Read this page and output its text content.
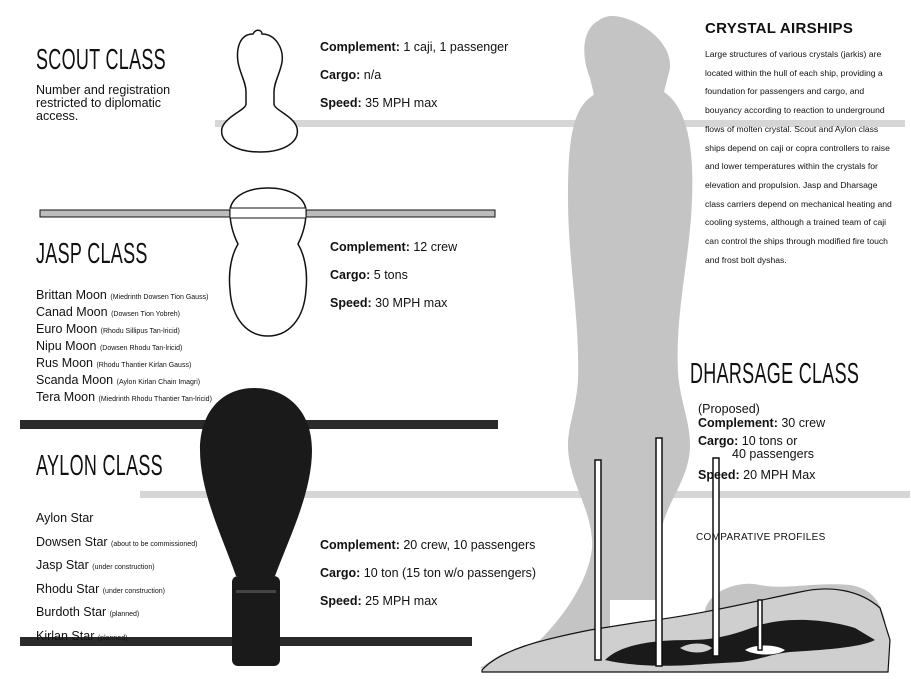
SCOUT CLASS

Number and registration restricted to diplomatic access.

Complement: 1 caji, 1 passenger

Cargo: n/a

Speed: 35 MPH max

JASP CLASS	Complement: 12 crew

Cargo: 5 tons

Speed: 30 MPH max

Brittan Moon (Miedrinth Dowsen Tion Gauss)
Canad Moon (Dowsen Tion Yobreh)
Euro Moon (Rhodu Sillipus Tan-lricid)
Nipu Moon (Dowsen Rhodu Tan-lricid)
Rus Moon (Rhodu Thantier Kirlan Gauss)
Scanda Moon (Aylon Kirlan Chain Imagri)
Tera Moon (Miedrinth Rhodu Thantier Tan-lricid)
AYLON CLASS
Aylon Star
Dowsen Star (about to be commissioned)
Jasp Star (under construction)
Rhodu Star (under construction)
Burdoth Star (planned)
Kirlan Star (planned)

Complement: 20 crew, 10 passengers

Cargo: 10 ton (15 ton w/o passengers)

Speed: 25 MPH max

CRYSTAL AIRSHIPS

Large structures of various crystals (jarkis) are located within the hull of each ship, providing a foundation for passengers and cargo, and bouyancy according to reaction to underground flows of molten crystal. Scout and Aylon class ships depend on caji or copra controllers to raise and lower temperatures within the crystals for elevation and propulsion. Jasp and Dharsage class carriers depend on mechanical heating and cooling systems, although a trained team of caji can control the ships through modified fire touch and frost bolt dyshas.

DHARSAGE CLASS

(Proposed)

Complement: 30 crew

Cargo: 10 tons or

40 passengers

Speed: 20 MPH Max

COMPARATIVE PROFILES
